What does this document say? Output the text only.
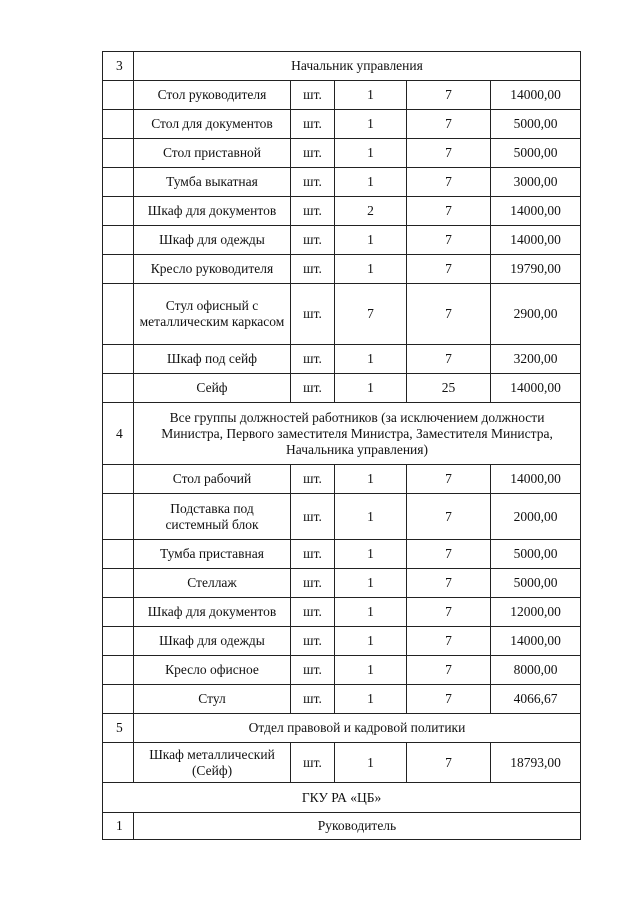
3	Начальник управления				
	Стол руководителя	шт.	1	7	14000,00
	Стол для документов	шт.	1	7	5000,00
	Стол приставной	шт.	1	7	5000,00
	Тумба выкатная	шт.	1	7	3000,00
	Шкаф для документов	шт.	2	7	14000,00
	Шкаф для одежды	шт.	1	7	14000,00
	Кресло руководителя	шт.	1	7	19790,00
	Стул офисный с металлическим каркасом	шт.	7	7	2900,00
	Шкаф под сейф	шт.	1	7	3200,00
	Сейф	шт.	1	25	14000,00
4	Все группы должностей работников (за исключением должности Министра, Первого заместителя Министра, Заместителя Министра, Начальника управления)				
	Стол рабочий	шт.	1	7	14000,00
	Подставка под системный блок	шт.	1	7	2000,00
	Тумба приставная	шт.	1	7	5000,00
	Стеллаж	шт.	1	7	5000,00
	Шкаф для документов	шт.	1	7	12000,00
	Шкаф для одежды	шт.	1	7	14000,00
	Кресло офисное	шт.	1	7	8000,00
	Стул	шт.	1	7	4066,67
5	Отдел правовой и кадровой политики				
	Шкаф металлический (Сейф)	шт.	1	7	18793,00
ГКУ РА «ЦБ»					
1	Руководитель				
